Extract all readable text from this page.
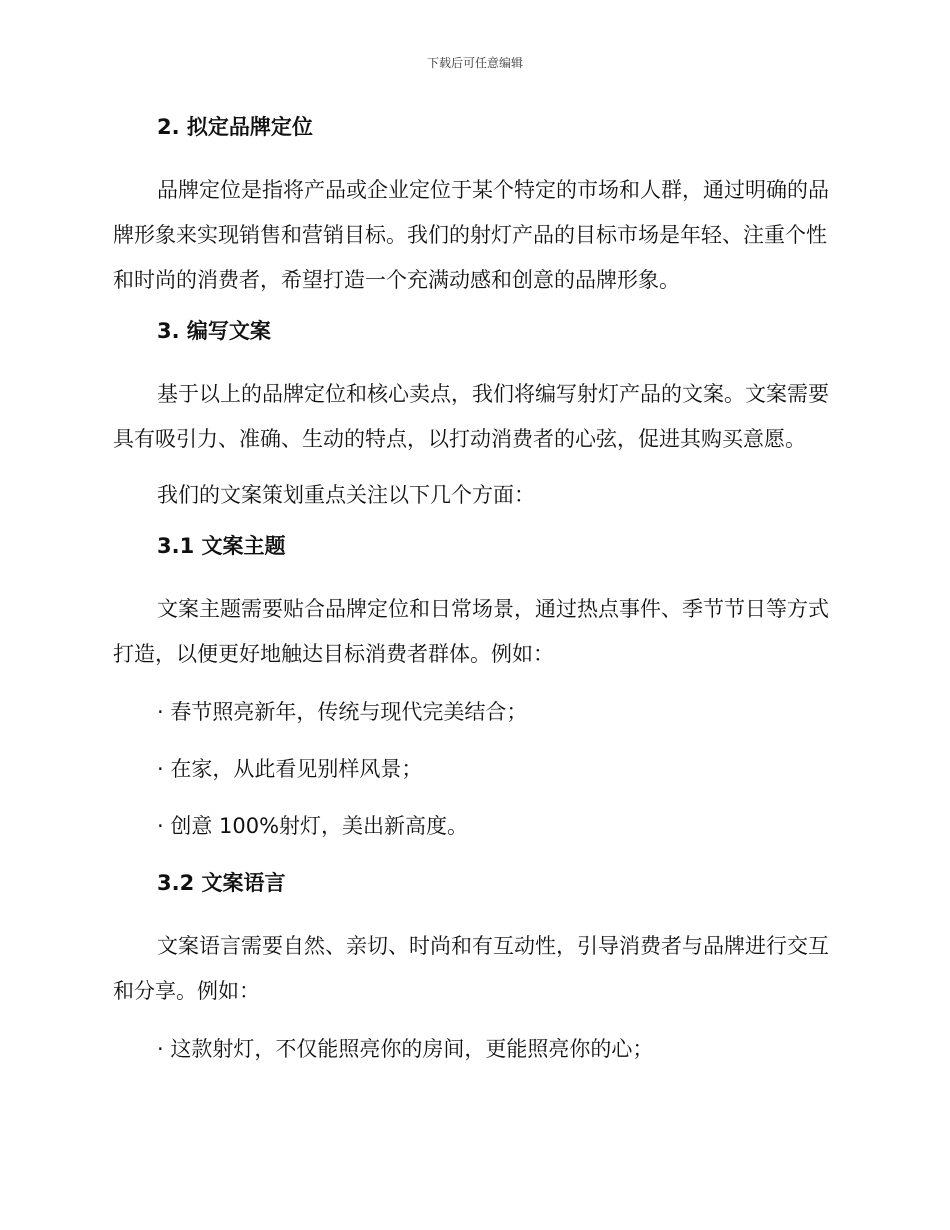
下载后可任意编辑
2. 拟定品牌定位
品牌定位是指将产品或企业定位于某个特定的市场和人群，通过明确的品牌形象来实现销售和营销目标。我们的射灯产品的目标市场是年轻、注重个性和时尚的消费者，希望打造一个充满动感和创意的品牌形象。
3. 编写文案
基于以上的品牌定位和核心卖点，我们将编写射灯产品的文案。文案需要具有吸引力、准确、生动的特点，以打动消费者的心弦，促进其购买意愿。
我们的文案策划重点关注以下几个方面：
3.1 文案主题
文案主题需要贴合品牌定位和日常场景，通过热点事件、季节节日等方式打造，以便更好地触达目标消费者群体。例如：
· 春节照亮新年，传统与现代完美结合；
· 在家，从此看见别样风景；
· 创意 100%射灯，美出新高度。
3.2 文案语言
文案语言需要自然、亲切、时尚和有互动性，引导消费者与品牌进行交互和分享。例如：
· 这款射灯，不仅能照亮你的房间，更能照亮你的心；
